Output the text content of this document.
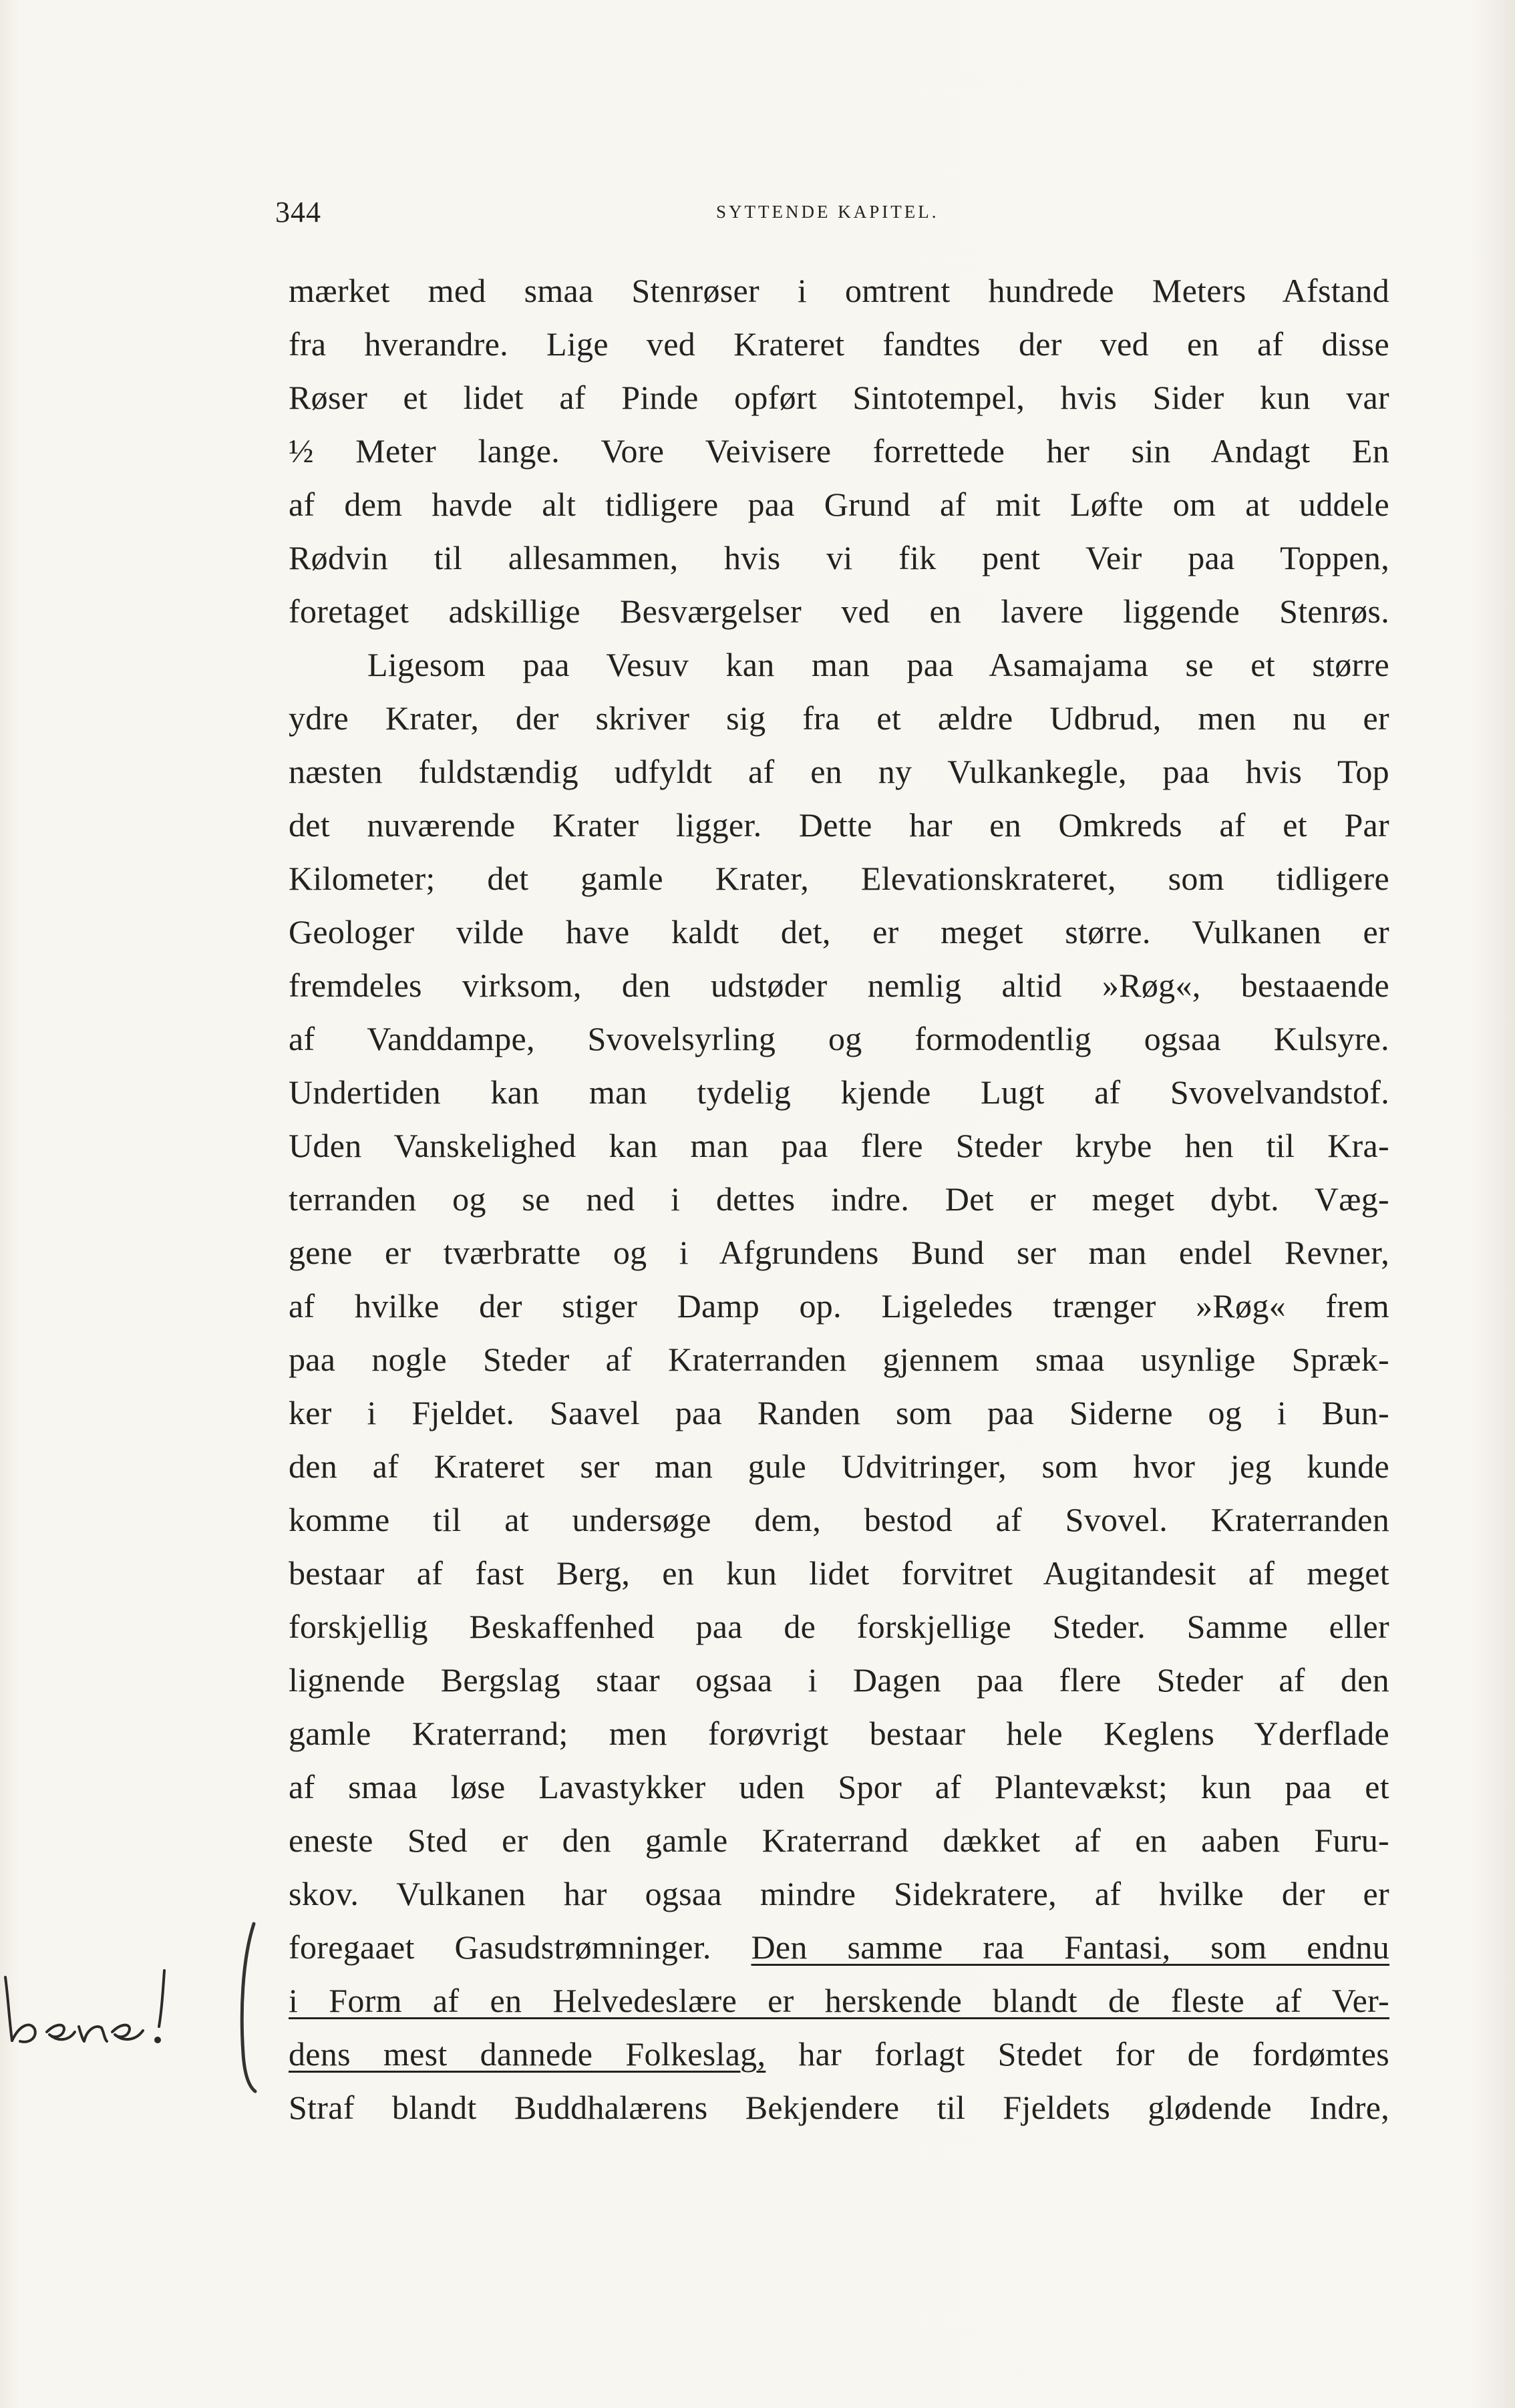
344	SYTTENDE KAPITEL.
mærket med smaa Stenrøser i omtrent hundrede Meters Afstand
fra hverandre. Lige ved Krateret fandtes der ved en af disse
Røser et lidet af Pinde opført Sintotempel, hvis Sider kun var
½ Meter lange. Vore Veivisere forrettede her sin Andagt En
af dem havde alt tidligere paa Grund af mit Løfte om at uddele
Rødvin til allesammen, hvis vi fik pent Veir paa Toppen,
foretaget adskillige Besværgelser ved en lavere liggende Stenrøs.
Ligesom paa Vesuv kan man paa Asamajama se et større
ydre Krater, der skriver sig fra et ældre Udbrud, men nu er
næsten fuldstændig udfyldt af en ny Vulkankegle, paa hvis Top
det nuværende Krater ligger. Dette har en Omkreds af et Par
Kilometer; det gamle Krater, Elevationskrateret, som tidligere
Geologer vilde have kaldt det, er meget større. Vulkanen er
fremdeles virksom, den udstøder nemlig altid »Røg«, bestaaende
af Vanddampe, Svovelsyrling og formodentlig ogsaa Kulsyre.
Undertiden kan man tydelig kjende Lugt af Svovelvandstof.
Uden Vanskelighed kan man paa flere Steder krybe hen til Kra-
terranden og se ned i dettes indre. Det er meget dybt. Væg-
gene er tværbratte og i Afgrundens Bund ser man endel Revner,
af hvilke der stiger Damp op. Ligeledes trænger »Røg« frem
paa nogle Steder af Kraterranden gjennem smaa usynlige Spræk-
ker i Fjeldet. Saavel paa Randen som paa Siderne og i Bun-
den af Krateret ser man gule Udvitringer, som hvor jeg kunde
komme til at undersøge dem, bestod af Svovel. Kraterranden
bestaar af fast Berg, en kun lidet forvitret Augitandesit af meget
forskjellig Beskaffenhed paa de forskjellige Steder. Samme eller
lignende Bergslag staar ogsaa i Dagen paa flere Steder af den
gamle Kraterrand; men forøvrigt bestaar hele Keglens Yderflade
af smaa løse Lavastykker uden Spor af Plantevækst; kun paa et
eneste Sted er den gamle Kraterrand dækket af en aaben Furu-
skov. Vulkanen har ogsaa mindre Sidekratere, af hvilke der er
foregaaet Gasudstrømninger. Den samme raa Fantasi, som endnu
i Form af en Helvedeslære er herskende blandt de fleste af Ver-
dens mest dannede Folkeslag, har forlagt Stedet for de fordømtes
Straf blandt Buddhalærens Bekjendere til Fjeldets glødende Indre,
